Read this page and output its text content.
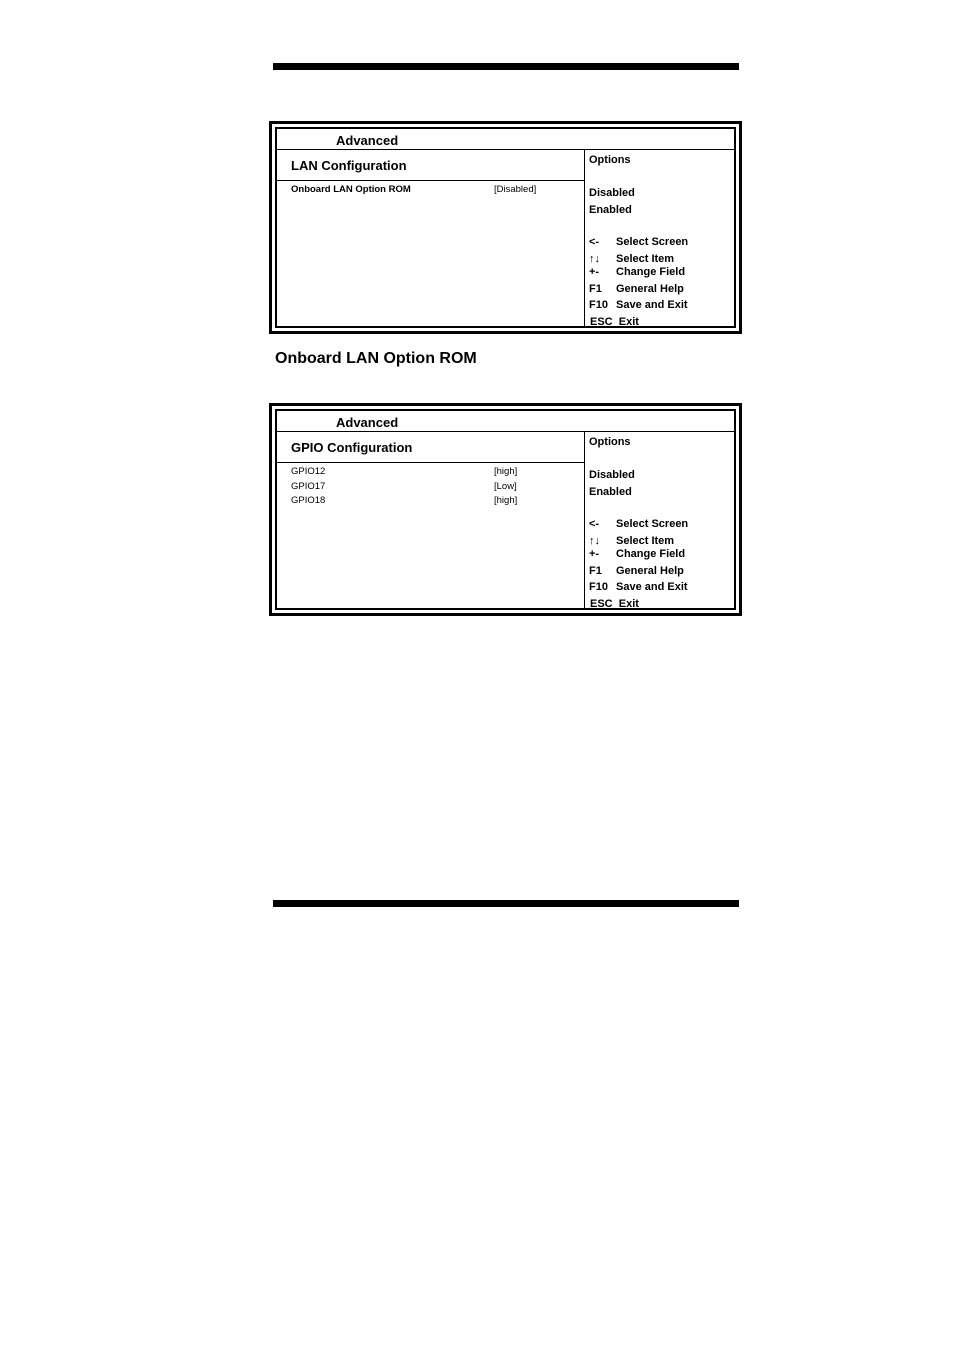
Advanced
LAN Configuration
Onboard LAN Option ROM	[Disabled]
Options
Disabled
Enabled
<- Select Screen
↑↓ Select Item
+- Change Field
F1 General Help
F10 Save and Exit
ESC Exit
Onboard LAN Option ROM
Advanced
GPIO Configuration
GPIO12	[high]
GPIO17	[Low]
GPIO18	[high]
Options
Disabled
Enabled
<- Select Screen
↑↓ Select Item
+- Change Field
F1 General Help
F10 Save and Exit
ESC Exit
